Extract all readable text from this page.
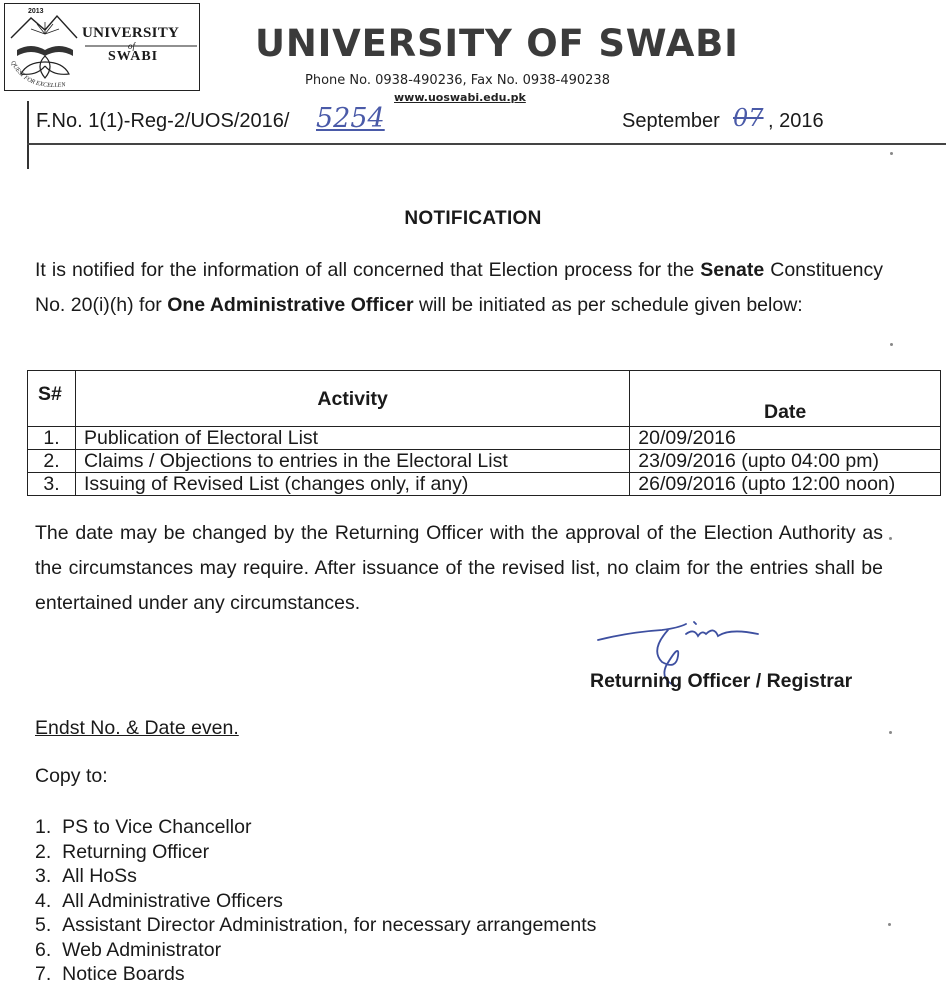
QUEST FOR EXCELLEN
2013
UNIVERSITY
of
SWABI	UNIVERSITY OF SWABI
Phone No. 0938-490236, Fax No. 0938-490238
www.uoswabi.edu.pk
F.No. 1(1)-Reg-2/UOS/2016/ 5254	September 07 , 2016
NOTIFICATION
It is notified for the information of all concerned that Election process for the Senate Constituency No. 20(i)(h) for One Administrative Officer will be initiated as per schedule given below:
S#	Activity	Date
1.	Publication of Electoral List	20/09/2016
2.	Claims / Objections to entries in the Electoral List	23/09/2016 (upto 04:00 pm)
3.	Issuing of Revised List (changes only, if any)	26/09/2016 (upto 12:00 noon)
The date may be changed by the Returning Officer with the approval of the Election Authority as the circumstances may require. After issuance of the revised list, no claim for the entries shall be entertained under any circumstances.
Returning Officer / Registrar
Endst No. & Date even.
Copy to:
1.  PS to Vice Chancellor
2.  Returning Officer
3.  All HoSs
4.  All Administrative Officers
5.  Assistant Director Administration, for necessary arrangements
6.  Web Administrator
7.  Notice Boards
